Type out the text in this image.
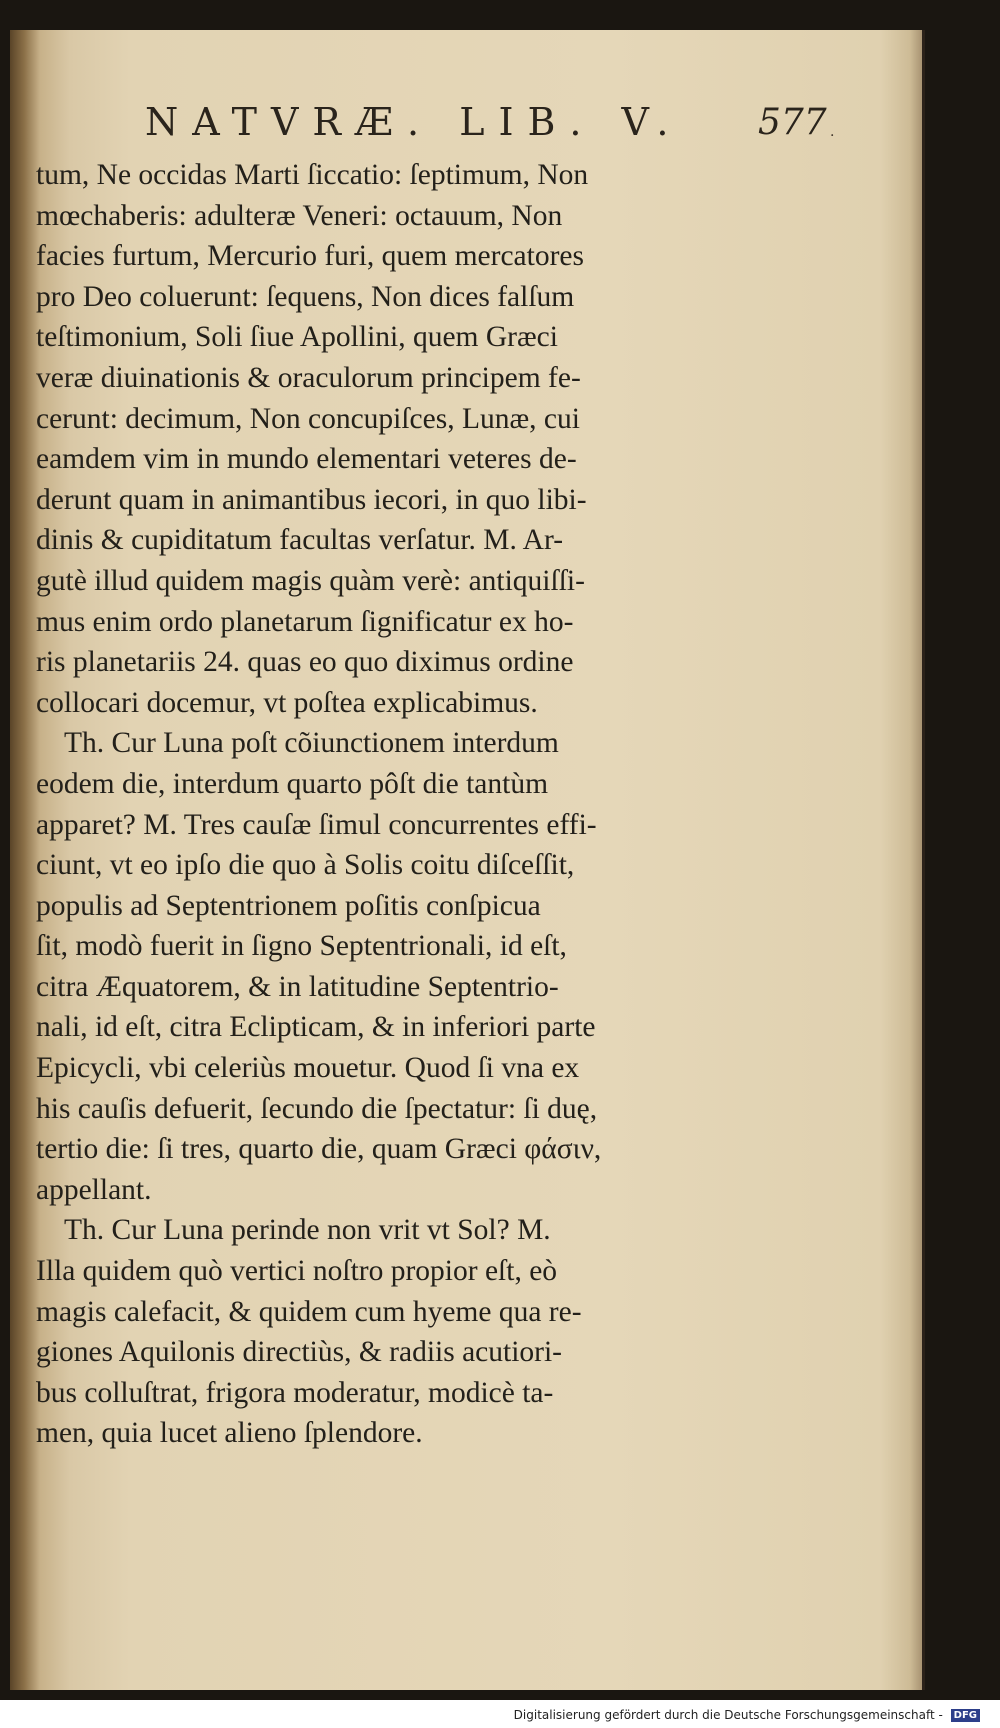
NATVRÆ. LIB. V.	577 ·
tum, Ne occidas Marti ſiccatio: ſeptimum, Non
mœchaberis: adulteræ Veneri: octauum, Non
facies furtum, Mercurio furi, quem mercatores
pro Deo coluerunt: ſequens, Non dices falſum
teſtimonium, Soli ſiue Apollini, quem Græci
veræ diuinationis & oraculorum principem fe-
cerunt: decimum, Non concupiſces, Lunæ, cui
eamdem vim in mundo elementari veteres de-
derunt quam in animantibus iecori, in quo libi-
dinis & cupiditatum facultas verſatur. M. Ar-
gutè illud quidem magis quàm verè: antiquiſſi-
mus enim ordo planetarum ſignificatur ex ho-
ris planetariis 24. quas eo quo diximus ordine
collocari docemur, vt poſtea explicabimus.
Th. Cur Luna poſt cõiunctionem interdum
eodem die, interdum quarto pôſt die tantùm
apparet? M. Tres cauſæ ſimul concurrentes effi-
ciunt, vt eo ipſo die quo à Solis coitu diſceſſit,
populis ad Septentrionem poſitis conſpicua
ſit, modò fuerit in ſigno Septentrionali, id eſt,
citra Æquatorem, & in latitudine Septentrio-
nali, id eſt, citra Eclipticam, & in inferiori parte
Epicycli, vbi celeriùs mouetur. Quod ſi vna ex
his cauſis defuerit, ſecundo die ſpectatur: ſi duę,
tertio die: ſi tres, quarto die, quam Græci φάσιν,
appellant.
Th. Cur Luna perinde non vrit vt Sol? M.
Illa quidem quò vertici noſtro propior eſt, eò
magis calefacit, & quidem cum hyeme qua re-
giones Aquilonis directiùs, & radiis acutiori-
bus colluſtrat, frigora moderatur, modicè ta-
men, quia lucet alieno ſplendore.
Digitalisierung gefördert durch die Deutsche Forschungsgemeinschaft - DFG
